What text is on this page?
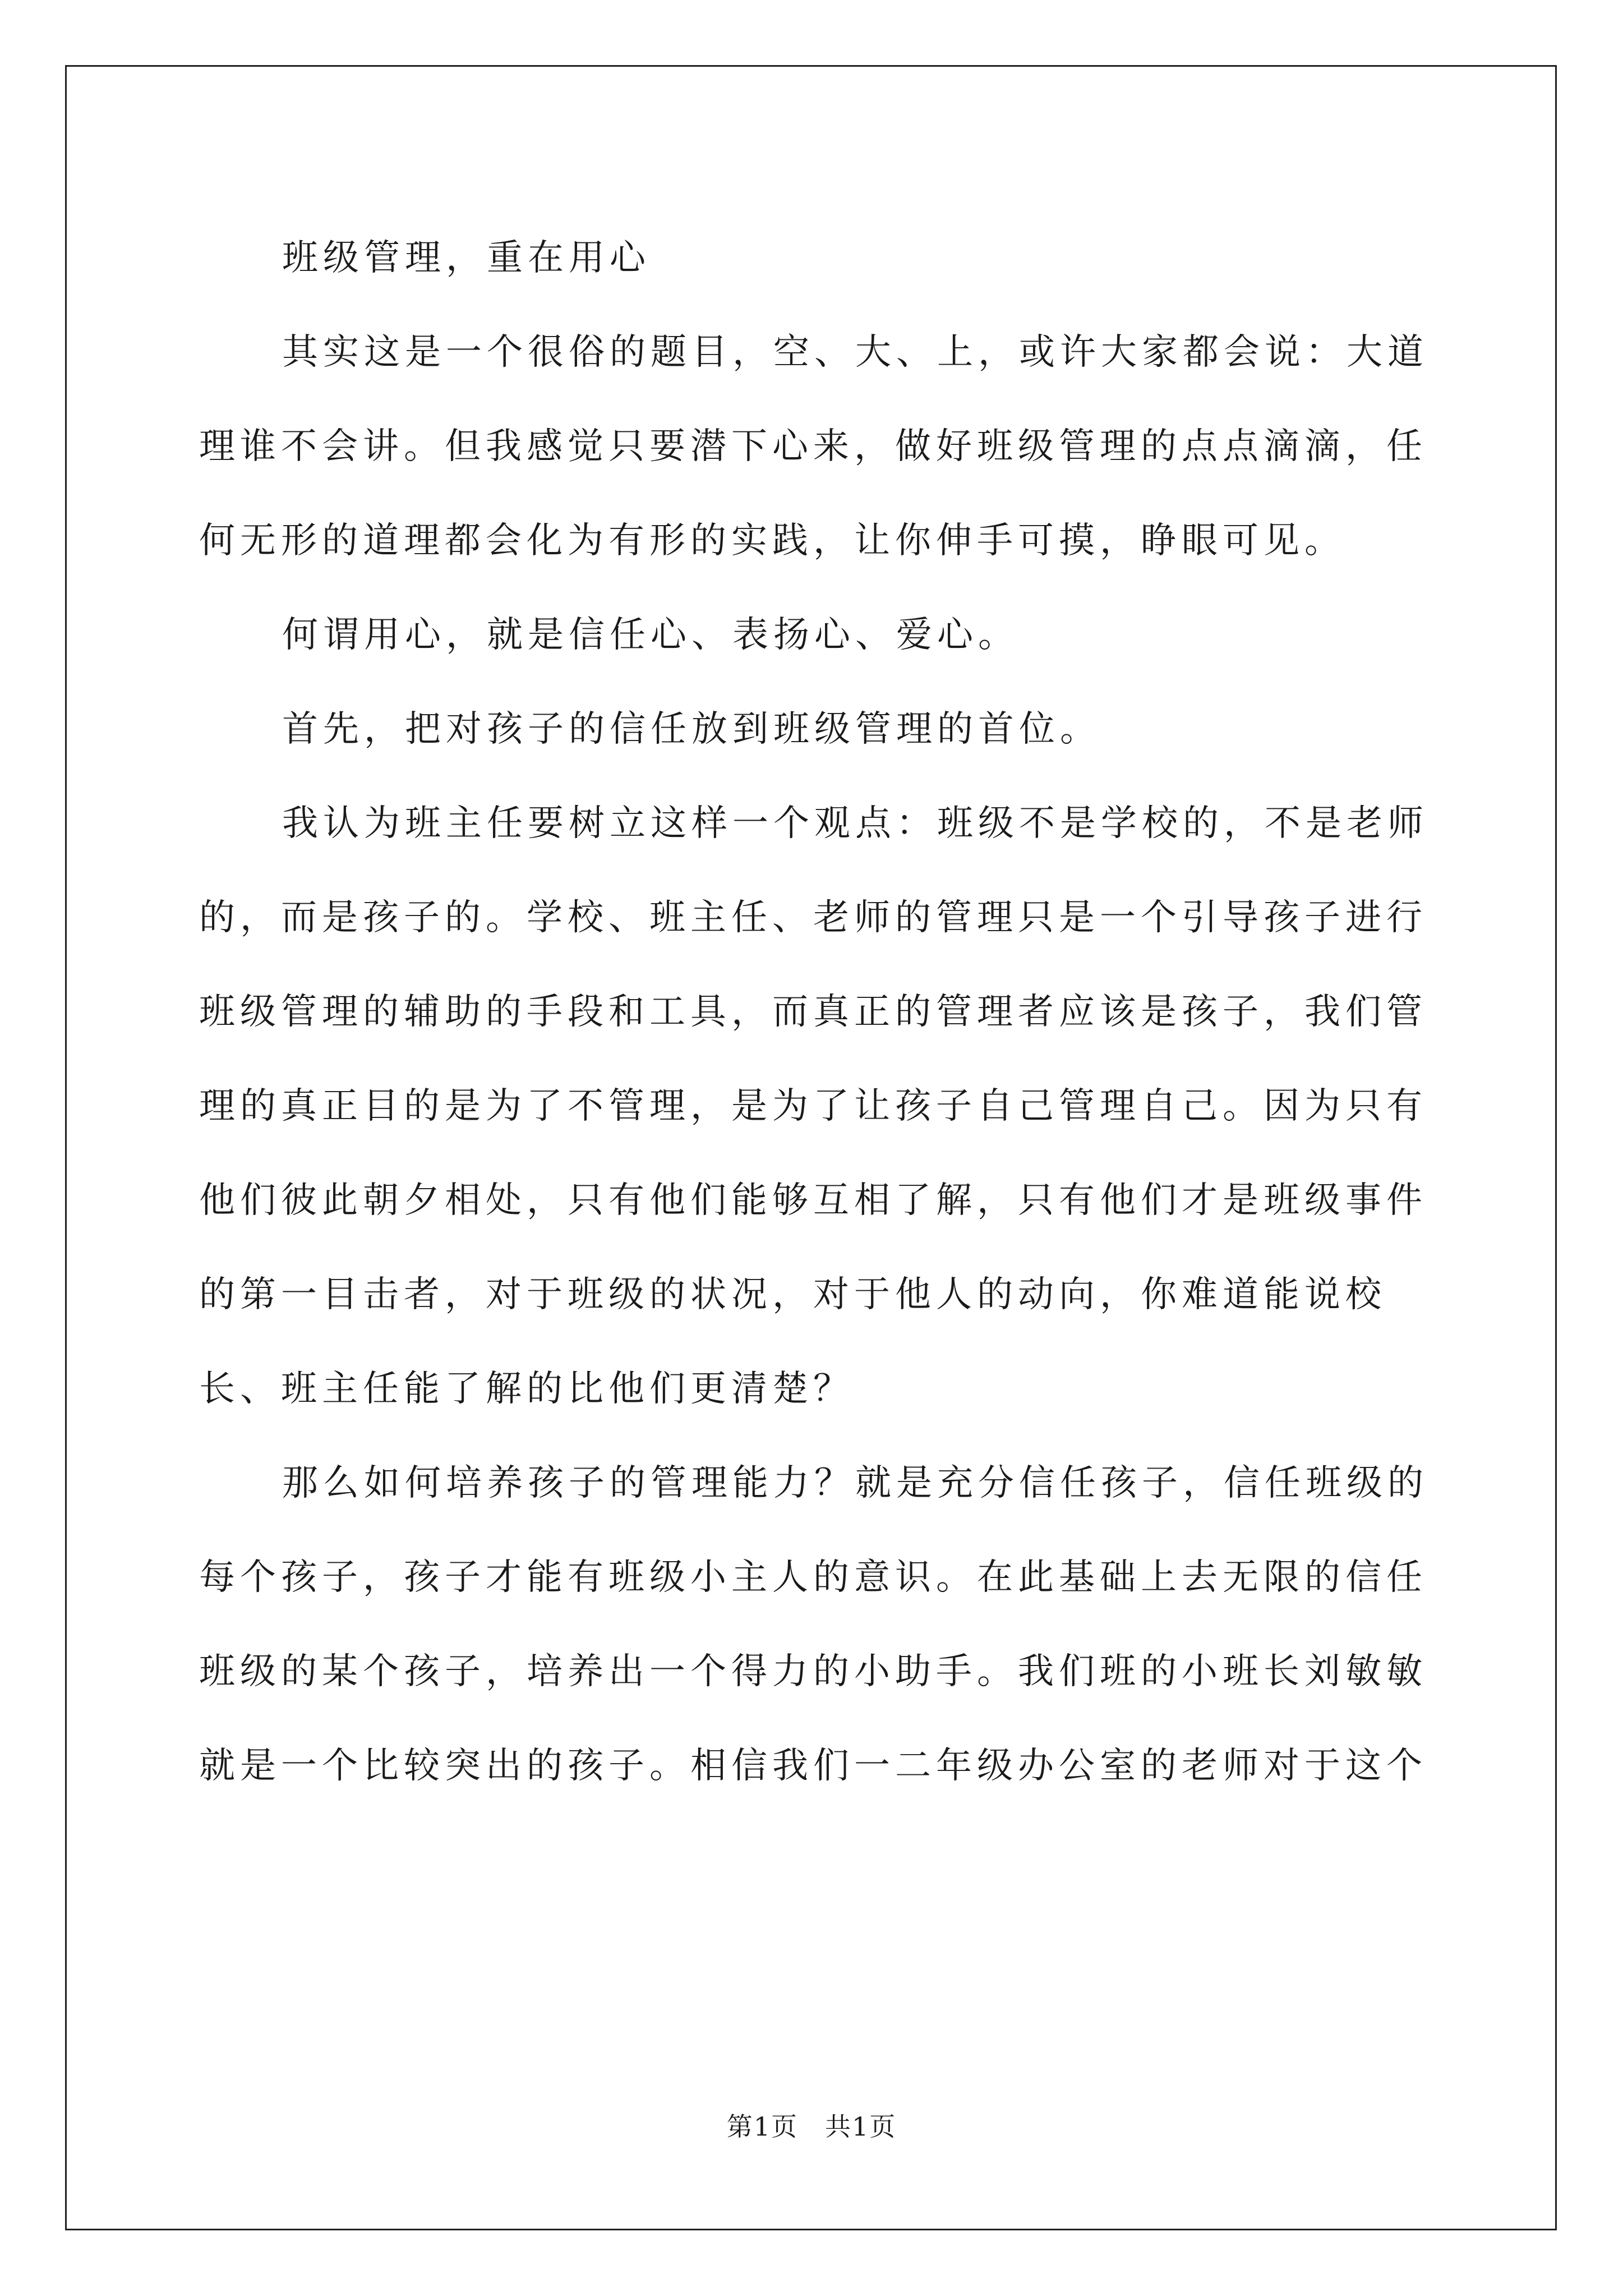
班级管理，重在用心

其实这是一个很俗的题目，空、大、上，或许大家都会说：大道理谁不会讲。但我感觉只要潜下心来，做好班级管理的点点滴滴，任何无形的道理都会化为有形的实践，让你伸手可摸，睁眼可见。

何谓用心，就是信任心、表扬心、爱心。

首先，把对孩子的信任放到班级管理的首位。

我认为班主任要树立这样一个观点：班级不是学校的，不是老师的，而是孩子的。学校、班主任、老师的管理只是一个引导孩子进行班级管理的辅助的手段和工具，而真正的管理者应该是孩子，我们管理的真正目的是为了不管理，是为了让孩子自己管理自己。因为只有他们彼此朝夕相处，只有他们能够互相了解，只有他们才是班级事件的第一目击者，对于班级的状况，对于他人的动向，你难道能说校长、班主任能了解的比他们更清楚？

那么如何培养孩子的管理能力？就是充分信任孩子，信任班级的每个孩子，孩子才能有班级小主人的意识。在此基础上去无限的信任班级的某个孩子，培养出一个得力的小助手。我们班的小班长刘敏敏就是一个比较突出的孩子。相信我们一二年级办公室的老师对于这个

第1页　共1页
